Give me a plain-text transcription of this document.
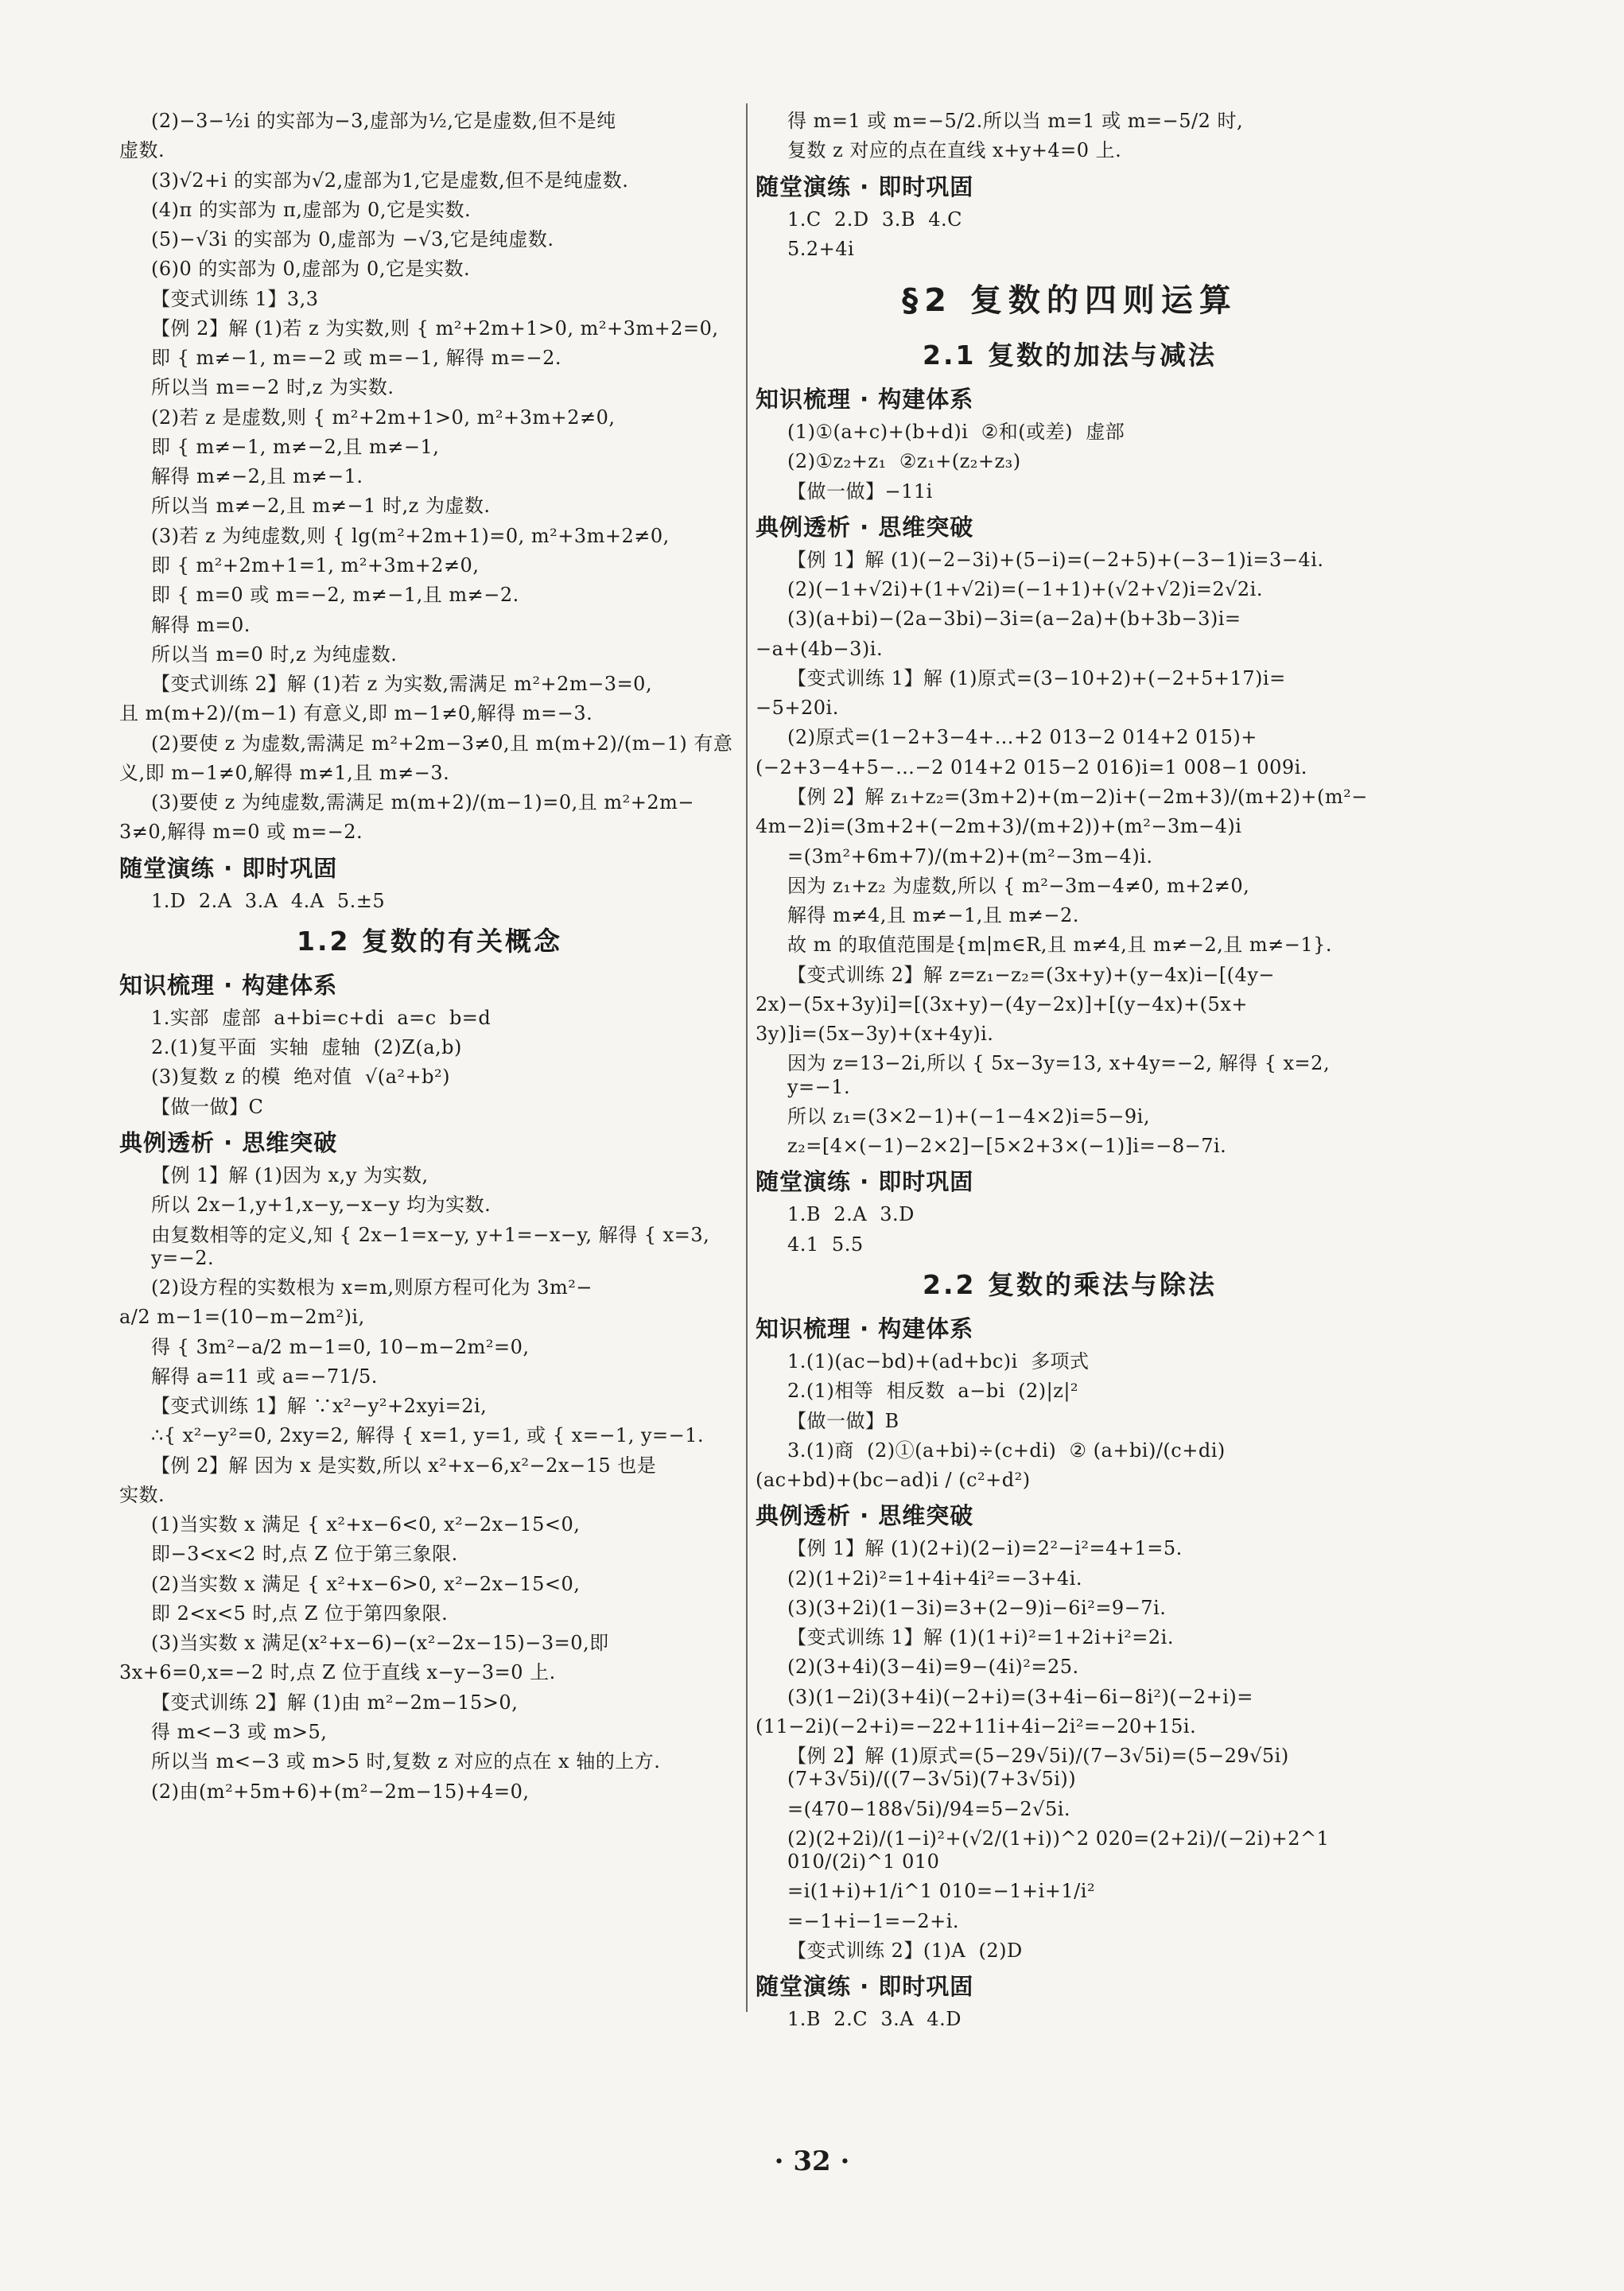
(2)−3−½i 的实部为−3,虚部为½,它是虚数,但不是纯
虚数.
(3)√2+i 的实部为√2,虚部为1,它是虚数,但不是纯虚数.
(4)π 的实部为 π,虚部为 0,它是实数.
(5)−√3i 的实部为 0,虚部为 −√3,它是纯虚数.
(6)0 的实部为 0,虚部为 0,它是实数.
【变式训练 1】3,3
【例 2】解 (1)若 z 为实数,则 { m²+2m+1>0, m²+3m+2=0,
即 { m≠−1, m=−2 或 m=−1, 解得 m=−2.
所以当 m=−2 时,z 为实数.
(2)若 z 是虚数,则 { m²+2m+1>0, m²+3m+2≠0,
即 { m≠−1, m≠−2,且 m≠−1,
解得 m≠−2,且 m≠−1.
所以当 m≠−2,且 m≠−1 时,z 为虚数.
(3)若 z 为纯虚数,则 { lg(m²+2m+1)=0, m²+3m+2≠0,
即 { m²+2m+1=1, m²+3m+2≠0,
即 { m=0 或 m=−2, m≠−1,且 m≠−2.
解得 m=0.
所以当 m=0 时,z 为纯虚数.
【变式训练 2】解 (1)若 z 为实数,需满足 m²+2m−3=0,
且 m(m+2)/(m−1) 有意义,即 m−1≠0,解得 m=−3.
(2)要使 z 为虚数,需满足 m²+2m−3≠0,且 m(m+2)/(m−1) 有意
义,即 m−1≠0,解得 m≠1,且 m≠−3.
(3)要使 z 为纯虚数,需满足 m(m+2)/(m−1)=0,且 m²+2m−
3≠0,解得 m=0 或 m=−2.
随堂演练 · 即时巩固
1.D  2.A  3.A  4.A  5.±5
1.2 复数的有关概念
知识梳理 · 构建体系
1.实部  虚部  a+bi=c+di  a=c  b=d
2.(1)复平面  实轴  虚轴  (2)Z(a,b)
(3)复数 z 的模  绝对值  √(a²+b²)
【做一做】C
典例透析 · 思维突破
【例 1】解 (1)因为 x,y 为实数,
所以 2x−1,y+1,x−y,−x−y 均为实数.
由复数相等的定义,知 { 2x−1=x−y, y+1=−x−y, 解得 { x=3, y=−2.
(2)设方程的实数根为 x=m,则原方程可化为 3m²−
a/2 m−1=(10−m−2m²)i,
得 { 3m²−a/2 m−1=0, 10−m−2m²=0,
解得 a=11 或 a=−71/5.
【变式训练 1】解 ∵x²−y²+2xyi=2i,
∴{ x²−y²=0, 2xy=2, 解得 { x=1, y=1, 或 { x=−1, y=−1.
【例 2】解 因为 x 是实数,所以 x²+x−6,x²−2x−15 也是
实数.
(1)当实数 x 满足 { x²+x−6<0, x²−2x−15<0,
即−3<x<2 时,点 Z 位于第三象限.
(2)当实数 x 满足 { x²+x−6>0, x²−2x−15<0,
即 2<x<5 时,点 Z 位于第四象限.
(3)当实数 x 满足(x²+x−6)−(x²−2x−15)−3=0,即
3x+6=0,x=−2 时,点 Z 位于直线 x−y−3=0 上.
【变式训练 2】解 (1)由 m²−2m−15>0,
得 m<−3 或 m>5,
所以当 m<−3 或 m>5 时,复数 z 对应的点在 x 轴的上方.
(2)由(m²+5m+6)+(m²−2m−15)+4=0,
得 m=1 或 m=−5/2.所以当 m=1 或 m=−5/2 时,
复数 z 对应的点在直线 x+y+4=0 上.
随堂演练 · 即时巩固
1.C  2.D  3.B  4.C
5.2+4i
§2 复数的四则运算
2.1 复数的加法与减法
知识梳理 · 构建体系
(1)①(a+c)+(b+d)i  ②和(或差)  虚部
(2)①z₂+z₁  ②z₁+(z₂+z₃)
【做一做】−11i
典例透析 · 思维突破
【例 1】解 (1)(−2−3i)+(5−i)=(−2+5)+(−3−1)i=3−4i.
(2)(−1+√2i)+(1+√2i)=(−1+1)+(√2+√2)i=2√2i.
(3)(a+bi)−(2a−3bi)−3i=(a−2a)+(b+3b−3)i=
−a+(4b−3)i.
【变式训练 1】解 (1)原式=(3−10+2)+(−2+5+17)i=
−5+20i.
(2)原式=(1−2+3−4+…+2 013−2 014+2 015)+
(−2+3−4+5−…−2 014+2 015−2 016)i=1 008−1 009i.
【例 2】解 z₁+z₂=(3m+2)+(m−2)i+(−2m+3)/(m+2)+(m²−
4m−2)i=(3m+2+(−2m+3)/(m+2))+(m²−3m−4)i
=(3m²+6m+7)/(m+2)+(m²−3m−4)i.
因为 z₁+z₂ 为虚数,所以 { m²−3m−4≠0, m+2≠0,
解得 m≠4,且 m≠−1,且 m≠−2.
故 m 的取值范围是{m|m∈R,且 m≠4,且 m≠−2,且 m≠−1}.
【变式训练 2】解 z=z₁−z₂=(3x+y)+(y−4x)i−[(4y−
2x)−(5x+3y)i]=[(3x+y)−(4y−2x)]+[(y−4x)+(5x+
3y)]i=(5x−3y)+(x+4y)i.
因为 z=13−2i,所以 { 5x−3y=13, x+4y=−2, 解得 { x=2, y=−1.
所以 z₁=(3×2−1)+(−1−4×2)i=5−9i,
z₂=[4×(−1)−2×2]−[5×2+3×(−1)]i=−8−7i.
随堂演练 · 即时巩固
1.B  2.A  3.D
4.1  5.5
2.2 复数的乘法与除法
知识梳理 · 构建体系
1.(1)(ac−bd)+(ad+bc)i  多项式
2.(1)相等  相反数  a−bi  (2)|z|²
【做一做】B
3.(1)商  (2)①(a+bi)÷(c+di)  ② (a+bi)/(c+di)
(ac+bd)+(bc−ad)i / (c²+d²)
典例透析 · 思维突破
【例 1】解 (1)(2+i)(2−i)=2²−i²=4+1=5.
(2)(1+2i)²=1+4i+4i²=−3+4i.
(3)(3+2i)(1−3i)=3+(2−9)i−6i²=9−7i.
【变式训练 1】解 (1)(1+i)²=1+2i+i²=2i.
(2)(3+4i)(3−4i)=9−(4i)²=25.
(3)(1−2i)(3+4i)(−2+i)=(3+4i−6i−8i²)(−2+i)=
(11−2i)(−2+i)=−22+11i+4i−2i²=−20+15i.
【例 2】解 (1)原式=(5−29√5i)/(7−3√5i)=(5−29√5i)(7+3√5i)/((7−3√5i)(7+3√5i))
=(470−188√5i)/94=5−2√5i.
(2)(2+2i)/(1−i)²+(√2/(1+i))^2 020=(2+2i)/(−2i)+2^1 010/(2i)^1 010
=i(1+i)+1/i^1 010=−1+i+1/i²
=−1+i−1=−2+i.
【变式训练 2】(1)A  (2)D
随堂演练 · 即时巩固
1.B  2.C  3.A  4.D
· 32 ·
